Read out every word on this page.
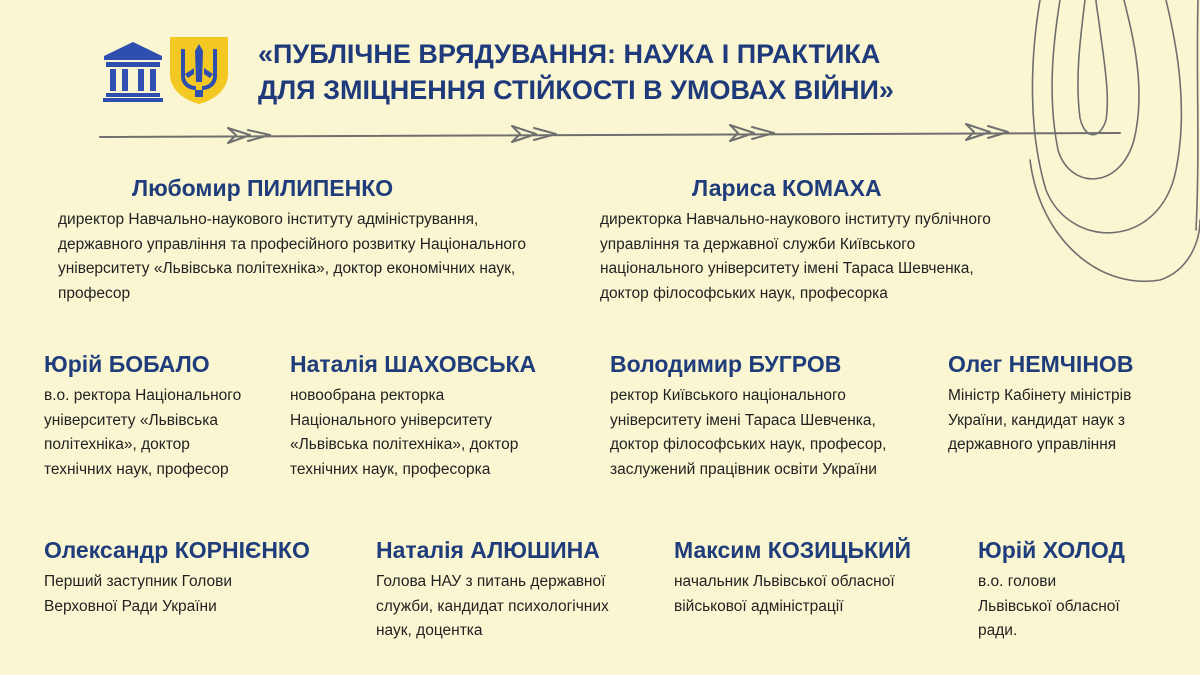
«ПУБЛІЧНЕ ВРЯДУВАННЯ: НАУКА І ПРАКТИКА
ДЛЯ ЗМІЦНЕННЯ СТІЙКОСТІ В УМОВАХ ВІЙНИ»
Любомир ПИЛИПЕНКО
директор Навчально-наукового інституту адміністрування,
державного управління та професійного розвитку Національного
університету «Львівська політехніка», доктор економічних наук,
професор
Лариса КОМАХА
директорка Навчально-наукового інституту публічного
управління та державної служби Київського
національного університету імені Тараса Шевченка,
доктор філософських наук, професорка
Юрій БОБАЛО
в.о. ректора Національного
університету «Львівська
політехніка», доктор
технічних наук, професор
Наталія ШАХОВСЬКА
новообрана ректорка
Національного університету
«Львівська політехніка», доктор
технічних наук, професорка
Володимир БУГРОВ
ректор Київського національного
університету імені Тараса Шевченка,
доктор філософських наук, професор,
заслужений працівник освіти України
Олег НЕМЧІНОВ
Міністр Кабінету міністрів
України, кандидат наук з
державного управління
Олександр КОРНІЄНКО
Перший заступник Голови
Верховної Ради України
Наталія АЛЮШИНА
Голова НАУ з питань державної
служби, кандидат психологічних
наук, доцентка
Максим КОЗИЦЬКИЙ
начальник Львівської обласної
військової адміністрації
Юрій ХОЛОД
в.о. голови
Львівської обласної
ради.
